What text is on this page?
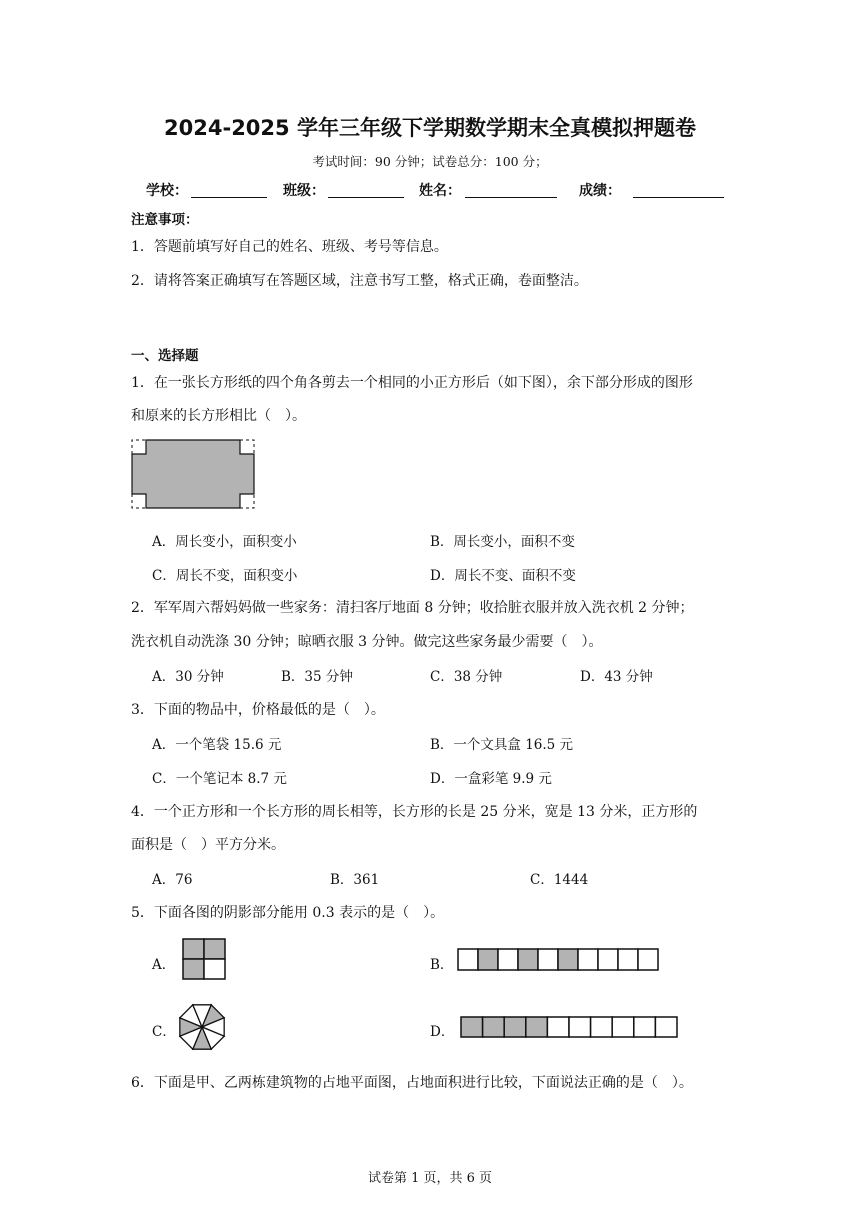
2024-2025 学年三年级下学期数学期末全真模拟押题卷
考试时间：90 分钟；试卷总分：100 分；
学校：	班级：	姓名：	成绩：
注意事项：
1．答题前填写好自己的姓名、班级、考号等信息。
2．请将答案正确填写在答题区域，注意书写工整，格式正确，卷面整洁。
一、选择题
1．在一张长方形纸的四个角各剪去一个相同的小正方形后（如下图），余下部分形成的图形
和原来的长方形相比（　）。
A．周长变小，面积变小	B．周长变小，面积不变
C．周长不变，面积变小	D．周长不变、面积不变
2．军军周六帮妈妈做一些家务：清扫客厅地面 8 分钟；收拾脏衣服并放入洗衣机 2 分钟；
洗衣机自动洗涤 30 分钟；晾晒衣服 3 分钟。做完这些家务最少需要（　）。
A．30 分钟	B．35 分钟	C．38 分钟	D．43 分钟
3．下面的物品中，价格最低的是（　）。
A．一个笔袋 15.6 元	B．一个文具盒 16.5 元
C．一个笔记本 8.7 元	D．一盒彩笔 9.9 元
4．一个正方形和一个长方形的周长相等，长方形的长是 25 分米，宽是 13 分米，正方形的
面积是（　）平方分米。
A．76	B．361	C．1444
5．下面各图的阴影部分能用 0.3 表示的是（　）。
A．	B．
C．	D．
6．下面是甲、乙两栋建筑物的占地平面图，占地面积进行比较，下面说法正确的是（　）。
试卷第 1 页，共 6 页
